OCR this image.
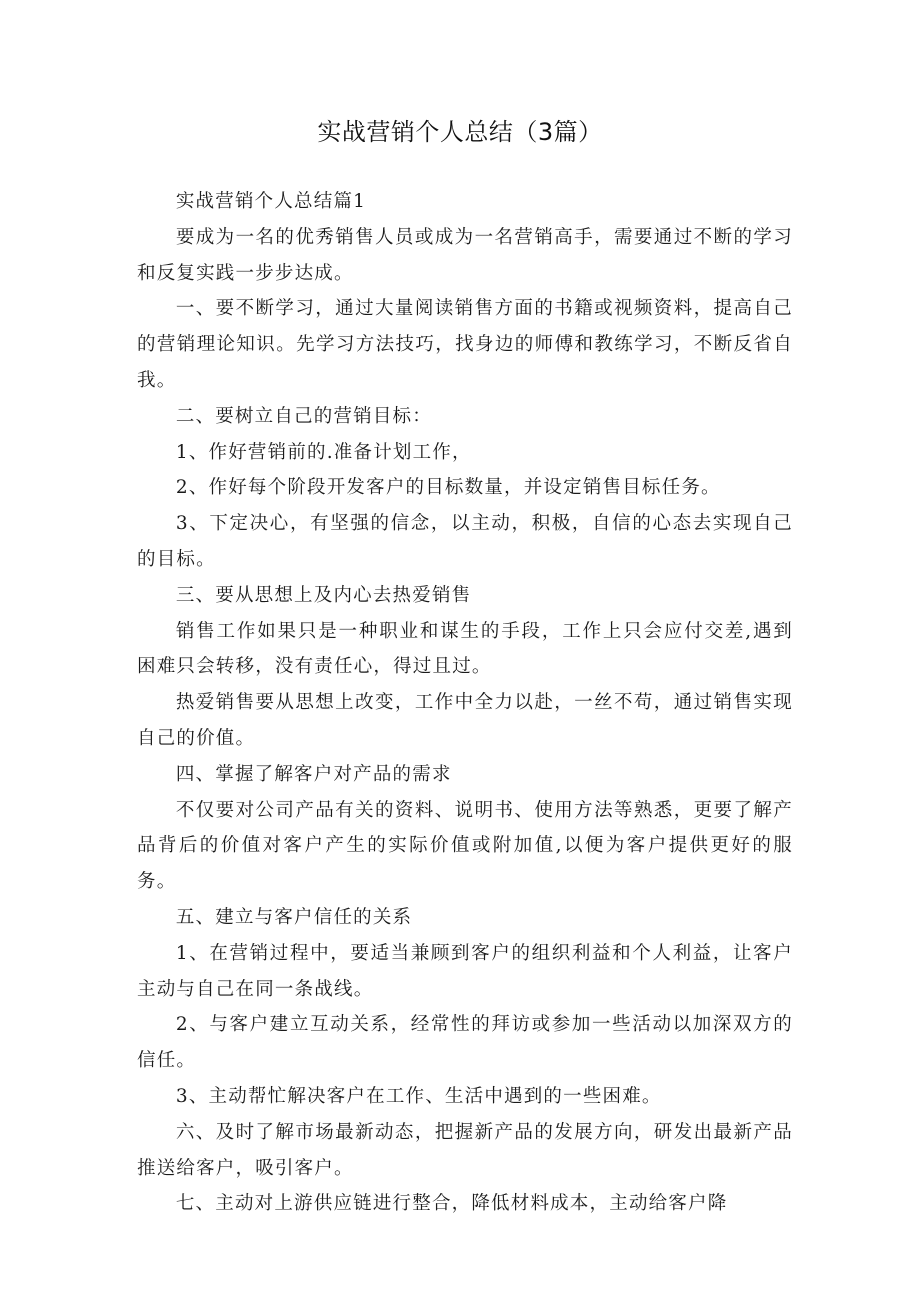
实战营销个人总结（3篇）

实战营销个人总结篇1

要成为一名的优秀销售人员或成为一名营销高手，需要通过不断的学习和反复实践一步步达成。

一、要不断学习，通过大量阅读销售方面的书籍或视频资料，提高自己的营销理论知识。先学习方法技巧，找身边的师傅和教练学习，不断反省自我。

二、要树立自己的营销目标：

1、作好营销前的.准备计划工作，

2、作好每个阶段开发客户的目标数量，并设定销售目标任务。

3、下定决心，有坚强的信念，以主动，积极，自信的心态去实现自己的目标。

三、要从思想上及内心去热爱销售

销售工作如果只是一种职业和谋生的手段，工作上只会应付交差,遇到困难只会转移，没有责任心，得过且过。

热爱销售要从思想上改变，工作中全力以赴，一丝不苟，通过销售实现自己的价值。

四、掌握了解客户对产品的需求

不仅要对公司产品有关的资料、说明书、使用方法等熟悉，更要了解产品背后的价值对客户产生的实际价值或附加值,以便为客户提供更好的服务。

五、建立与客户信任的关系

1、在营销过程中，要适当兼顾到客户的组织利益和个人利益，让客户主动与自己在同一条战线。

2、与客户建立互动关系，经常性的拜访或参加一些活动以加深双方的信任。

3、主动帮忙解决客户在工作、生活中遇到的一些困难。

六、及时了解市场最新动态，把握新产品的发展方向，研发出最新产品推送给客户，吸引客户。

七、主动对上游供应链进行整合，降低材料成本，主动给客户降
